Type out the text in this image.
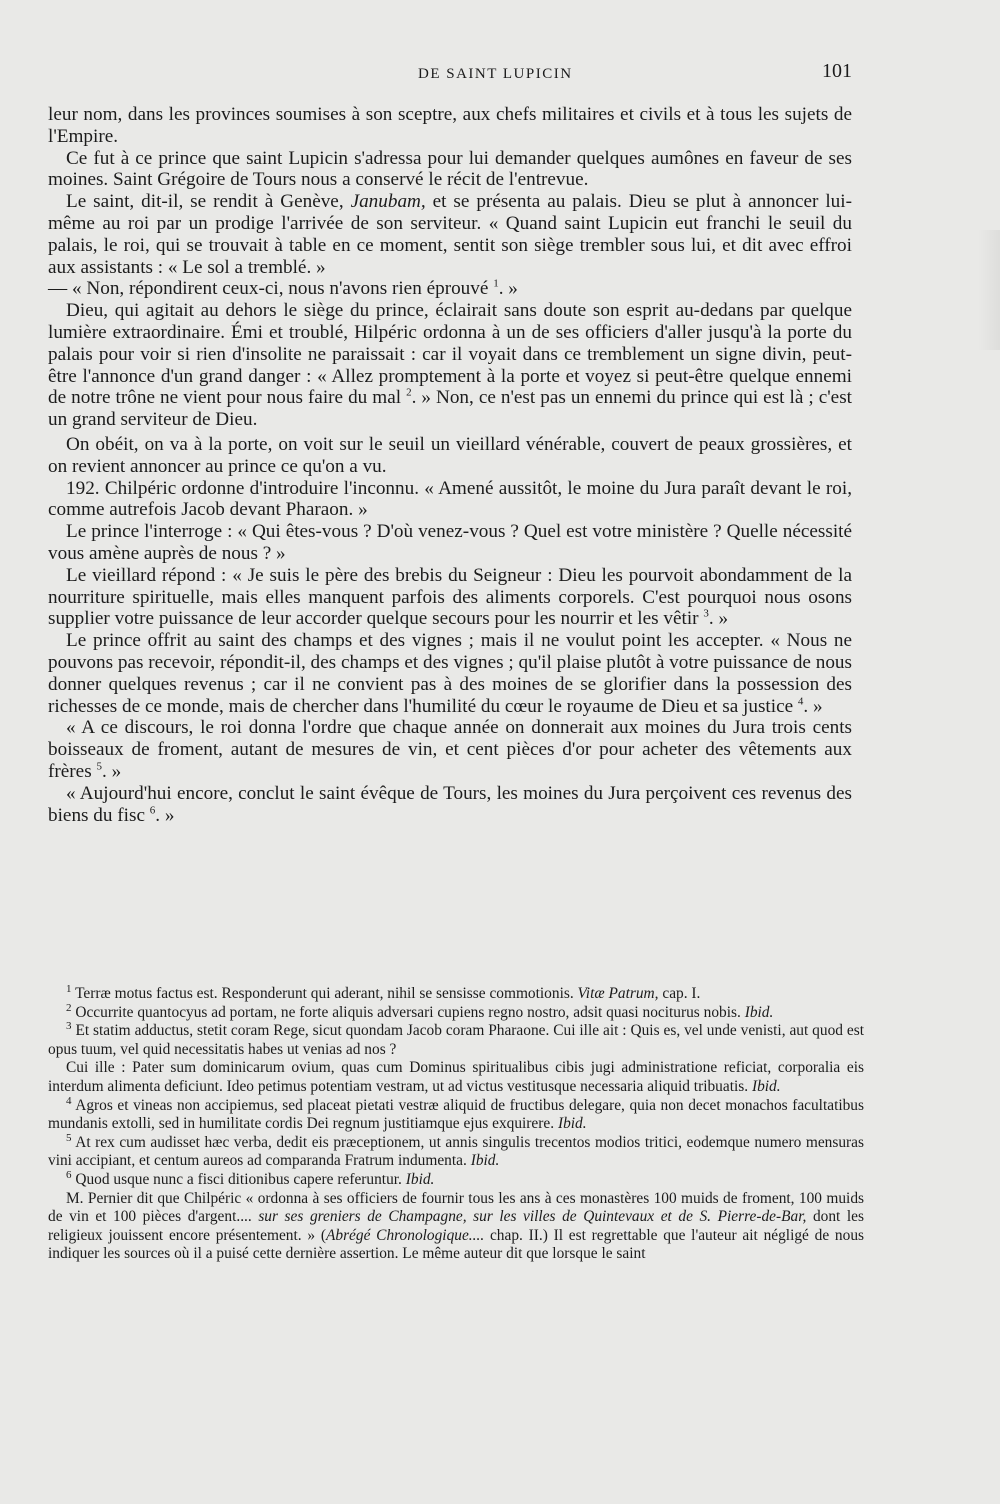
DE SAINT LUPICIN	101

leur nom, dans les provinces soumises à son sceptre, aux chefs militaires et civils et à tous les sujets de l'Empire.

Ce fut à ce prince que saint Lupicin s'adressa pour lui demander quelques aumônes en faveur de ses moines. Saint Grégoire de Tours nous a conservé le récit de l'entrevue.

Le saint, dit-il, se rendit à Genève, Janubam, et se présenta au palais. Dieu se plut à annoncer lui-même au roi par un prodige l'arrivée de son serviteur. « Quand saint Lupicin eut franchi le seuil du palais, le roi, qui se trouvait à table en ce moment, sentit son siège trembler sous lui, et dit avec effroi aux assistants : « Le sol a tremblé. »

— « Non, répondirent ceux-ci, nous n'avons rien éprouvé $^1$. »

Dieu, qui agitait au dehors le siège du prince, éclairait sans doute son esprit au-dedans par quelque lumière extraordinaire. Émi et troublé, Hilpéric ordonna à un de ses officiers d'aller jusqu'à la porte du palais pour voir si rien d'insolite ne paraissait : car il voyait dans ce tremblement un signe divin, peut-être l'annonce d'un grand danger : « Allez promptement à la porte et voyez si peut-être quelque ennemi de notre trône ne vient pour nous faire du mal $^2$. » Non, ce n'est pas un ennemi du prince qui est là ; c'est un grand serviteur de Dieu.

On obéit, on va à la porte, on voit sur le seuil un vieillard vénérable, couvert de peaux grossières, et on revient annoncer au prince ce qu'on a vu.

192. Chilpéric ordonne d'introduire l'inconnu. « Amené aussitôt, le moine du Jura paraît devant le roi, comme autrefois Jacob devant Pharaon. »

Le prince l'interroge : « Qui êtes-vous ? D'où venez-vous ? Quel est votre ministère ? Quelle nécessité vous amène auprès de nous ? »

Le vieillard répond : « Je suis le père des brebis du Seigneur : Dieu les pourvoit abondamment de la nourriture spirituelle, mais elles manquent parfois des aliments corporels. C'est pourquoi nous osons supplier votre puissance de leur accorder quelque secours pour les nourrir et les vêtir $^3$. »

Le prince offrit au saint des champs et des vignes ; mais il ne voulut point les accepter. « Nous ne pouvons pas recevoir, répondit-il, des champs et des vignes ; qu'il plaise plutôt à votre puissance de nous donner quelques revenus ; car il ne convient pas à des moines de se glorifier dans la possession des richesses de ce monde, mais de chercher dans l'humilité du cœur le royaume de Dieu et sa justice $^4$. »

« A ce discours, le roi donna l'ordre que chaque année on donnerait aux moines du Jura trois cents boisseaux de froment, autant de mesures de vin, et cent pièces d'or pour acheter des vêtements aux frères $^5$. »

« Aujourd'hui encore, conclut le saint évêque de Tours, les moines du Jura perçoivent ces revenus des biens du fisc $^6$. »

$^1$ Terræ motus factus est. Responderunt qui aderant, nihil se sensisse commotionis. Vitæ Patrum, cap. I.

$^2$ Occurrite quantocyus ad portam, ne forte aliquis adversari cupiens regno nostro, adsit quasi nociturus nobis. Ibid.

$^3$ Et statim adductus, stetit coram Rege, sicut quondam Jacob coram Pharaone. Cui ille ait : Quis es, vel unde venisti, aut quod est opus tuum, vel quid necessitatis habes ut venias ad nos ?

Cui ille : Pater sum dominicarum ovium, quas cum Dominus spiritualibus cibis jugi administratione reficiat, corporalia eis interdum alimenta deficiunt. Ideo petimus potentiam vestram, ut ad victus vestitusque necessaria aliquid tribuatis. Ibid.

$^4$ Agros et vineas non accipiemus, sed placeat pietati vestræ aliquid de fructibus delegare, quia non decet monachos facultatibus mundanis extolli, sed in humilitate cordis Dei regnum justitiamque ejus exquirere. Ibid.

$^5$ At rex cum audisset hæc verba, dedit eis præceptionem, ut annis singulis trecentos modios tritici, eodemque numero mensuras vini accipiant, et centum aureos ad comparanda Fratrum indumenta. Ibid.

$^6$ Quod usque nunc a fisci ditionibus capere referuntur. Ibid.

M. Pernier dit que Chilpéric « ordonna à ses officiers de fournir tous les ans à ces monastères 100 muids de froment, 100 muids de vin et 100 pièces d'argent.... sur ses greniers de Champagne, sur les villes de Quintevaux et de S. Pierre-de-Bar, dont les religieux jouissent encore présentement. » (Abrégé Chronologique.... chap. II.) Il est regrettable que l'auteur ait négligé de nous indiquer les sources où il a puisé cette dernière assertion. Le même auteur dit que lorsque le saint
